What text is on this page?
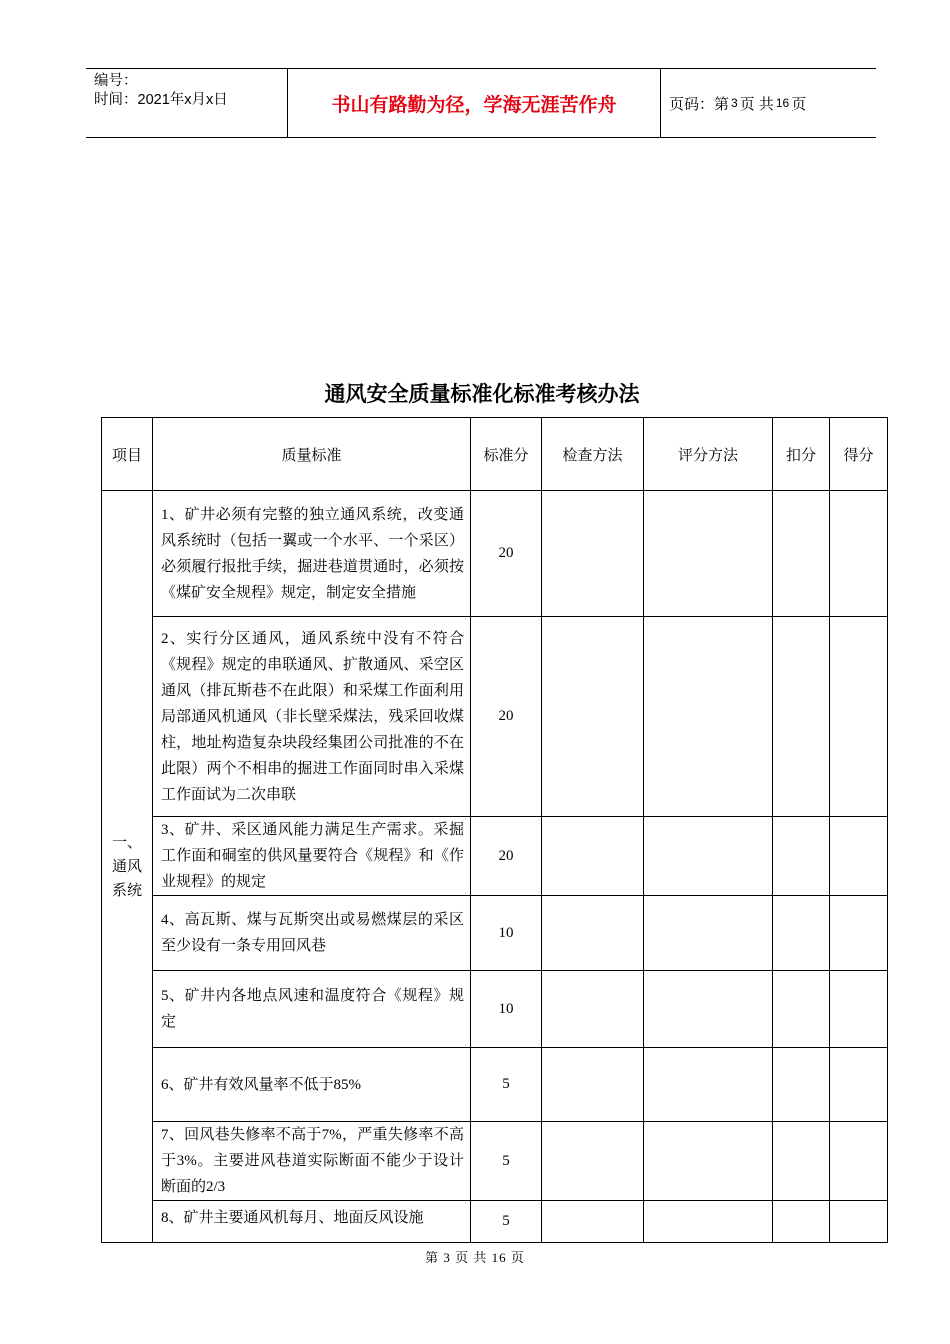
编号：
时间：2021年x月x日	书山有路勤为径，学海无涯苦作舟	页码：第 3 页 共 16 页
通风安全质量标准化标准考核办法
项目	质量标准	标准分	检查方法	评分方法	扣分	得分

一、
通风
系统	1、矿井必须有完整的独立通风系统，改变通风系统时（包括一翼或一个水平、一个采区）必须履行报批手续，掘进巷道贯通时，必须按《煤矿安全规程》规定，制定安全措施	20				
	2、实行分区通风，通风系统中没有不符合《规程》规定的串联通风、扩散通风、采空区通风（排瓦斯巷不在此限）和采煤工作面利用局部通风机通风（非长壁采煤法，残采回收煤柱，地址构造复杂块段经集团公司批准的不在此限）两个不相串的掘进工作面同时串入采煤工作面试为二次串联	20				
	3、矿井、采区通风能力满足生产需求。采掘工作面和硐室的供风量要符合《规程》和《作业规程》的规定	20				
	4、高瓦斯、煤与瓦斯突出或易燃煤层的采区至少设有一条专用回风巷	10				
	5、矿井内各地点风速和温度符合《规程》规定	10				
	6、矿井有效风量率不低于85%	5				
	7、回风巷失修率不高于7%，严重失修率不高于3%。主要进风巷道实际断面不能少于设计断面的2/3	5				
	8、矿井主要通风机每月、地面反风设施	5				
第 3 页 共 16 页
